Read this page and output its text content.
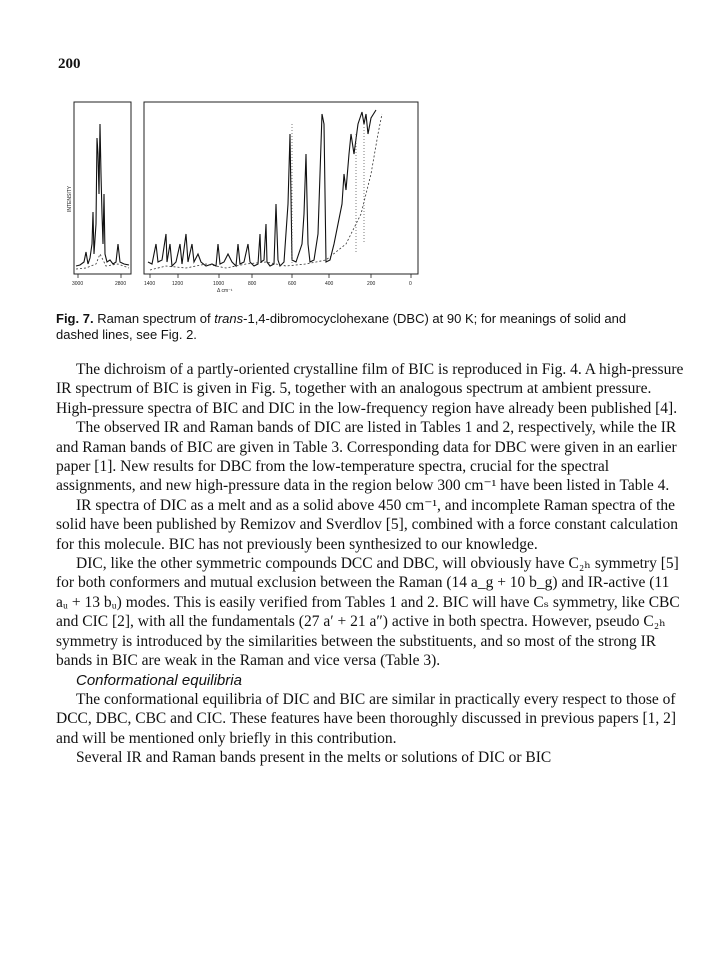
200
3000	2800	1400	1200	1000	800	600	400	200	0
Δ cm⁻¹
INTENSITY
Fig. 7. Raman spectrum of trans-1,4-dibromocyclohexane (DBC) at 90 K; for meanings of solid and dashed lines, see Fig. 2.

The dichroism of a partly-oriented crystalline film of BIC is reproduced in Fig. 4. A high-pressure IR spectrum of BIC is given in Fig. 5, together with an analogous spectrum at ambient pressure. High-pressure spectra of BIC and DIC in the low-frequency region have already been published [4].

The observed IR and Raman bands of DIC are listed in Tables 1 and 2, respectively, while the IR and Raman bands of BIC are given in Table 3. Corresponding data for DBC were given in an earlier paper [1]. New results for DBC from the low-temperature spectra, crucial for the spectral assignments, and new high-pressure data in the region below 300 cm⁻¹ have been listed in Table 4.

IR spectra of DIC as a melt and as a solid above 450 cm⁻¹, and incomplete Raman spectra of the solid have been published by Remizov and Sverdlov [5], combined with a force constant calculation for this molecule. BIC has not previously been synthesized to our knowledge.

DIC, like the other symmetric compounds DCC and DBC, will obviously have C₂ₕ symmetry [5] for both conformers and mutual exclusion between the Raman (14 a_g + 10 b_g) and IR-active (11 aᵤ + 13 bᵤ) modes. This is easily verified from Tables 1 and 2. BIC will have Cₛ symmetry, like CBC and CIC [2], with all the fundamentals (27 a′ + 21 a″) active in both spectra. However, pseudo C₂ₕ symmetry is introduced by the similarities between the substituents, and so most of the strong IR bands in BIC are weak in the Raman and vice versa (Table 3).

Conformational equilibria

The conformational equilibria of DIC and BIC are similar in practically every respect to those of DCC, DBC, CBC and CIC. These features have been thoroughly discussed in previous papers [1, 2] and will be mentioned only briefly in this contribution.

Several IR and Raman bands present in the melts or solutions of DIC or BIC
